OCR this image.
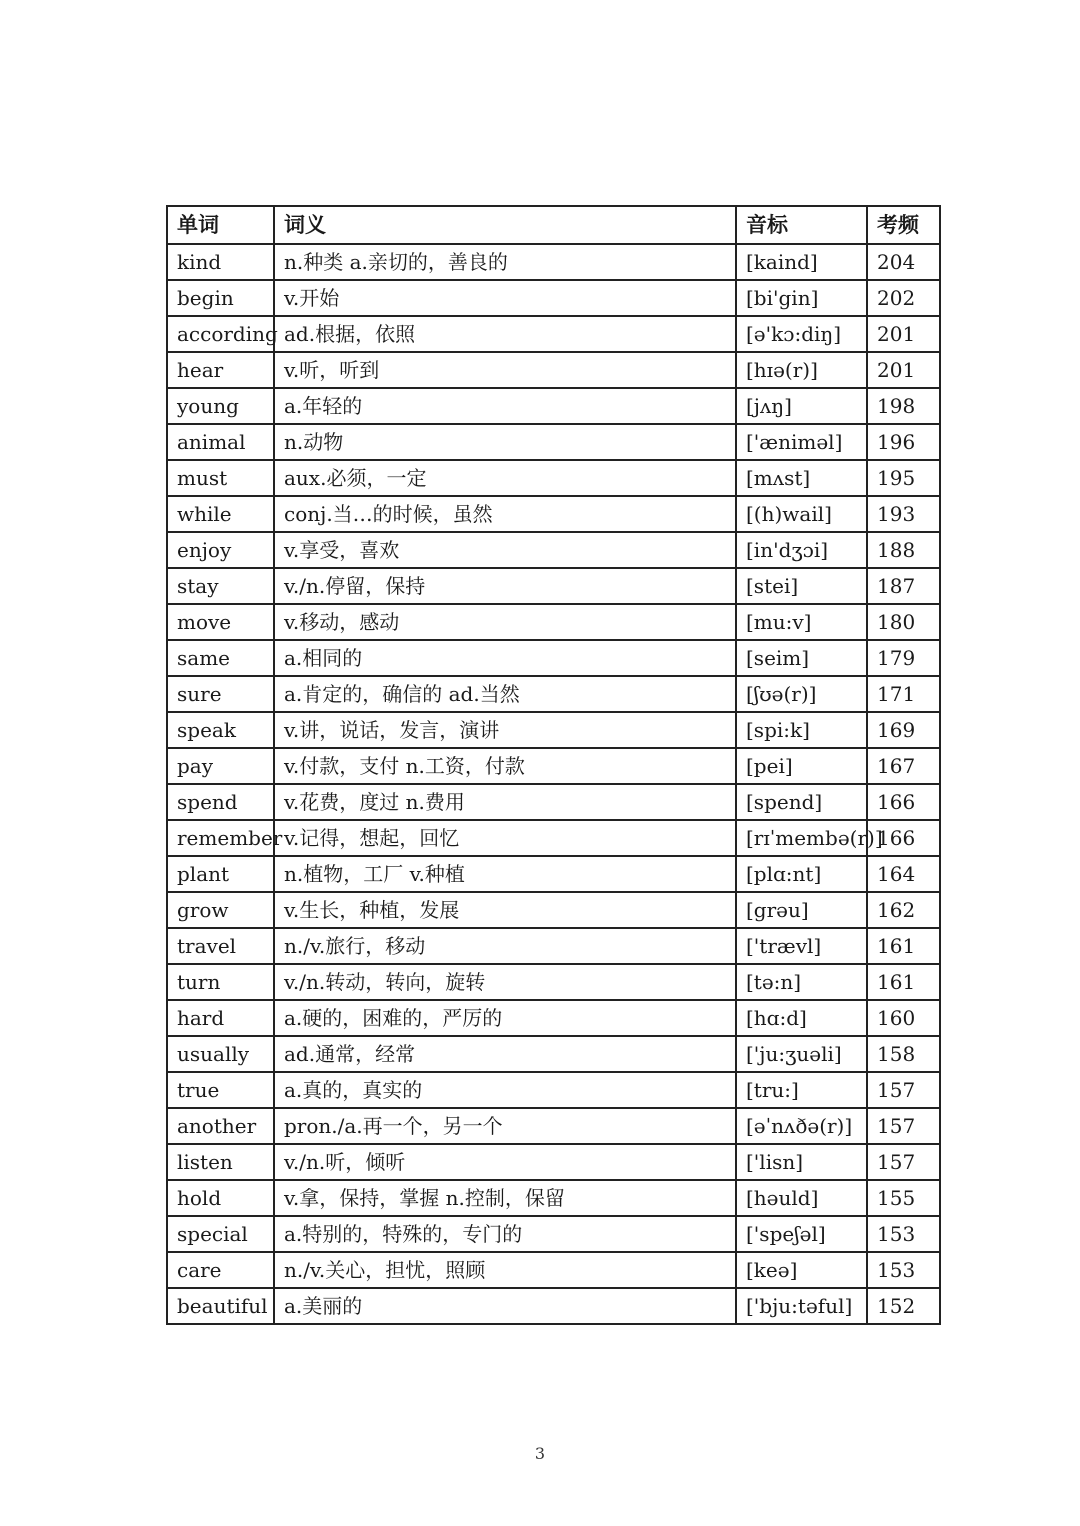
单词	词义	音标	考频
kind	n.种类 a.亲切的，善良的	[kaind]	204
begin	v.开始	[bi'gin]	202
according	ad.根据，依照	[ə'kɔ:diŋ]	201
hear	v.听，听到	[hɪə(r)]	201
young	a.年轻的	[jʌŋ]	198
animal	n.动物	['æniməl]	196
must	aux.必须，一定	[mʌst]	195
while	conj.当…的时候，虽然	[(h)wail]	193
enjoy	v.享受，喜欢	[in'dʒɔi]	188
stay	v./n.停留，保持	[stei]	187
move	v.移动，感动	[mu:v]	180
same	a.相同的	[seim]	179
sure	a.肯定的，确信的 ad.当然	[ʃʊə(r)]	171
speak	v.讲，说话，发言，演讲	[spi:k]	169
pay	v.付款，支付 n.工资，付款	[pei]	167
spend	v.花费，度过 n.费用	[spend]	166
remember	v.记得，想起，回忆	[rɪˈmembə(r)]	166
plant	n.植物，工厂 v.种植	[plɑ:nt]	164
grow	v.生长，种植，发展	[grəu]	162
travel	n./v.旅行，移动	['trævl]	161
turn	v./n.转动，转向，旋转	[tə:n]	161
hard	a.硬的，困难的，严厉的	[hɑ:d]	160
usually	ad.通常，经常	['ju:ʒuəli]	158
true	a.真的，真实的	[tru:]	157
another	pron./a.再一个，另一个	[əˈnʌðə(r)]	157
listen	v./n.听，倾听	['lisn]	157
hold	v.拿，保持，掌握 n.控制，保留	[həuld]	155
special	a.特别的，特殊的，专门的	['speʃəl]	153
care	n./v.关心，担忧，照顾	[keə]	153
beautiful	a.美丽的	['bju:təful]	152
3
